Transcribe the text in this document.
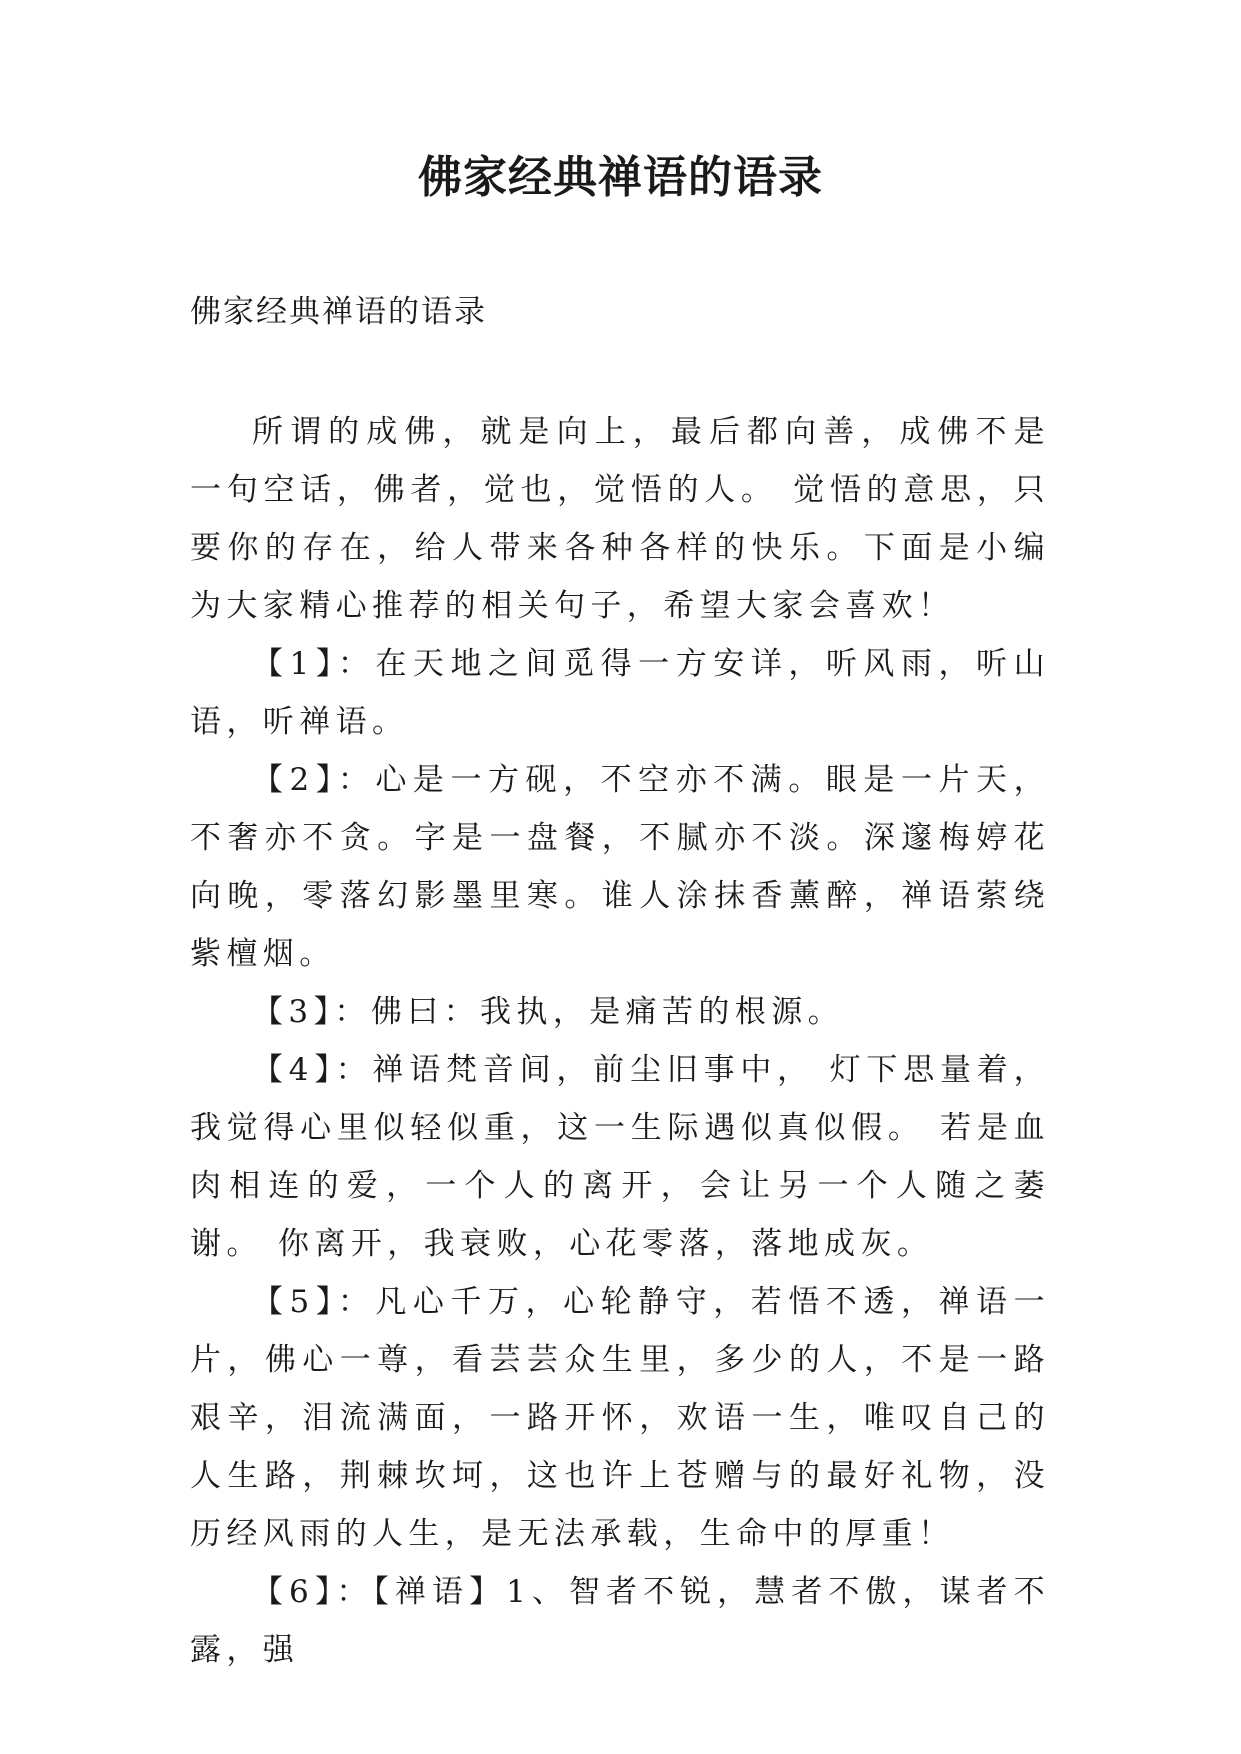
佛家经典禅语的语录
佛家经典禅语的语录

所谓的成佛，就是向上，最后都向善，成佛不是一句空话，佛者，觉也，觉悟的人。 觉悟的意思，只要你的存在，给人带来各种各样的快乐。下面是小编为大家精心推荐的相关句子，希望大家会喜欢！

【1】：在天地之间觅得一方安详，听风雨，听山语，听禅语。

【2】：心是一方砚，不空亦不满。眼是一片天，不奢亦不贪。字是一盘餐，不腻亦不淡。深邃梅婷花向晚，零落幻影墨里寒。谁人涂抹香薰醉，禅语萦绕紫檀烟。

【3】：佛曰：我执，是痛苦的根源。

【4】：禅语梵音间，前尘旧事中， 灯下思量着，我觉得心里似轻似重，这一生际遇似真似假。 若是血肉相连的爱，一个人的离开，会让另一个人随之萎谢。 你离开，我衰败，心花零落，落地成灰。

【5】：凡心千万，心轮静守，若悟不透，禅语一片，佛心一尊，看芸芸众生里，多少的人，不是一路艰辛，泪流满面，一路开怀，欢语一生，唯叹自己的人生路，荆棘坎坷，这也许上苍赠与的最好礼物，没历经风雨的人生，是无法承载，生命中的厚重！

【6】：【禅语】1、智者不锐，慧者不傲，谋者不露，强
